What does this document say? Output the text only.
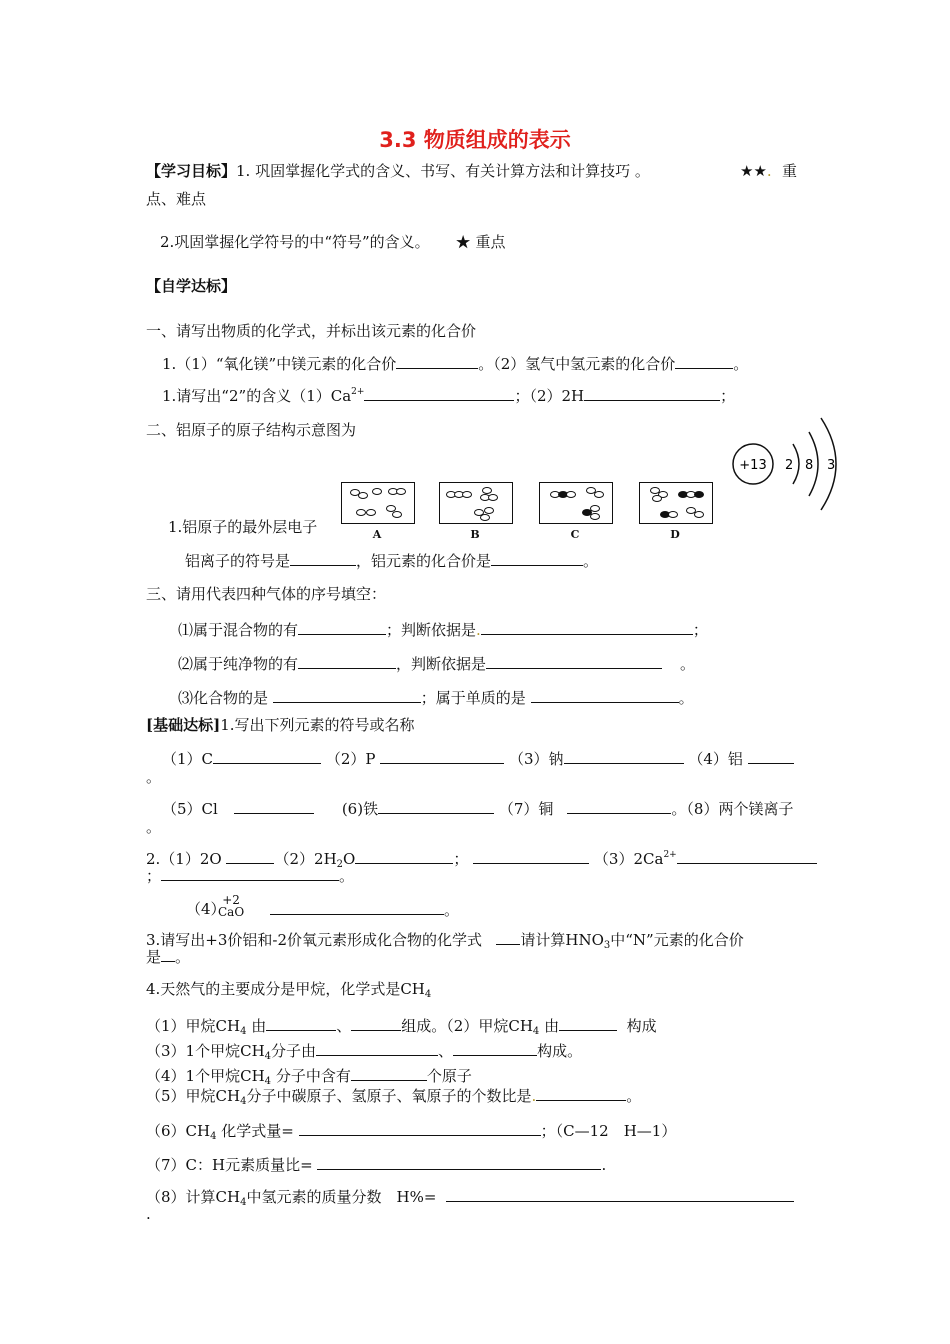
3.3 物质组成的表示
【学习目标】1. 巩固掌握化学式的含义、书写、有关计算方法和计算技巧 。	★★. 重
点、难点
2.巩固掌握化学符号的中“符号”的含义。 ★ 重点
【自学达标】
一、请写出物质的化学式，并标出该元素的化合价
1.（1）“氧化镁”中镁元素的化合价	。（2）氢气中氢元素的化合价	。
1.请写出“2”的含义$(1)Ca^{2+}$	；（2）2H	；
二、铝原子的原子结构示意图为
+13 2 8 3
A	B	C	D
1.铝原子的最外层电子
铝离子的符号是	，铝元素的化合价是	。
三、请用代表四种气体的序号填空：
⑴属于混合物的有	；判断依据是.	；
⑵属于纯净物的有	，判断依据是	。
⑶化合物的是	；属于单质的是	。
[基础达标]1.写出下列元素的符号或名称
（1）C	（2）P	（3）钠	（4）铝
。
（5）Cl	(6)铁	（7）铜	。（8）两个镁离子
。
2.（1）2O	$(2)2H_2O$	；	$(3)2Ca^{2+}$
；	。
（4）
+2
CaO	。
3.请写出+3价铝和-2价氧元素形成化合物的化学式	请计算$HNO_3$中“N”元素的化合价
是 。
4.天然气的主要成分是甲烷，化学式是$CH_4$
（1）甲烷$CH_4$ 由	、	组成。（2）甲烷$CH_4$ 由	构成
（3）1个甲烷$CH_4$分子由	、	构成。
（4）1个甲烷$CH_4$ 分子中含有	个原子
（5）甲烷$CH_4$分子中碳原子、氢原子、氧原子的个数比是.	。
$(6)CH_4$ 化学式量=	；（C—12　H—1）
（7）C：H元素质量比=	.
（8）计算$CH_4$中氢元素的质量分数　H%=
.
